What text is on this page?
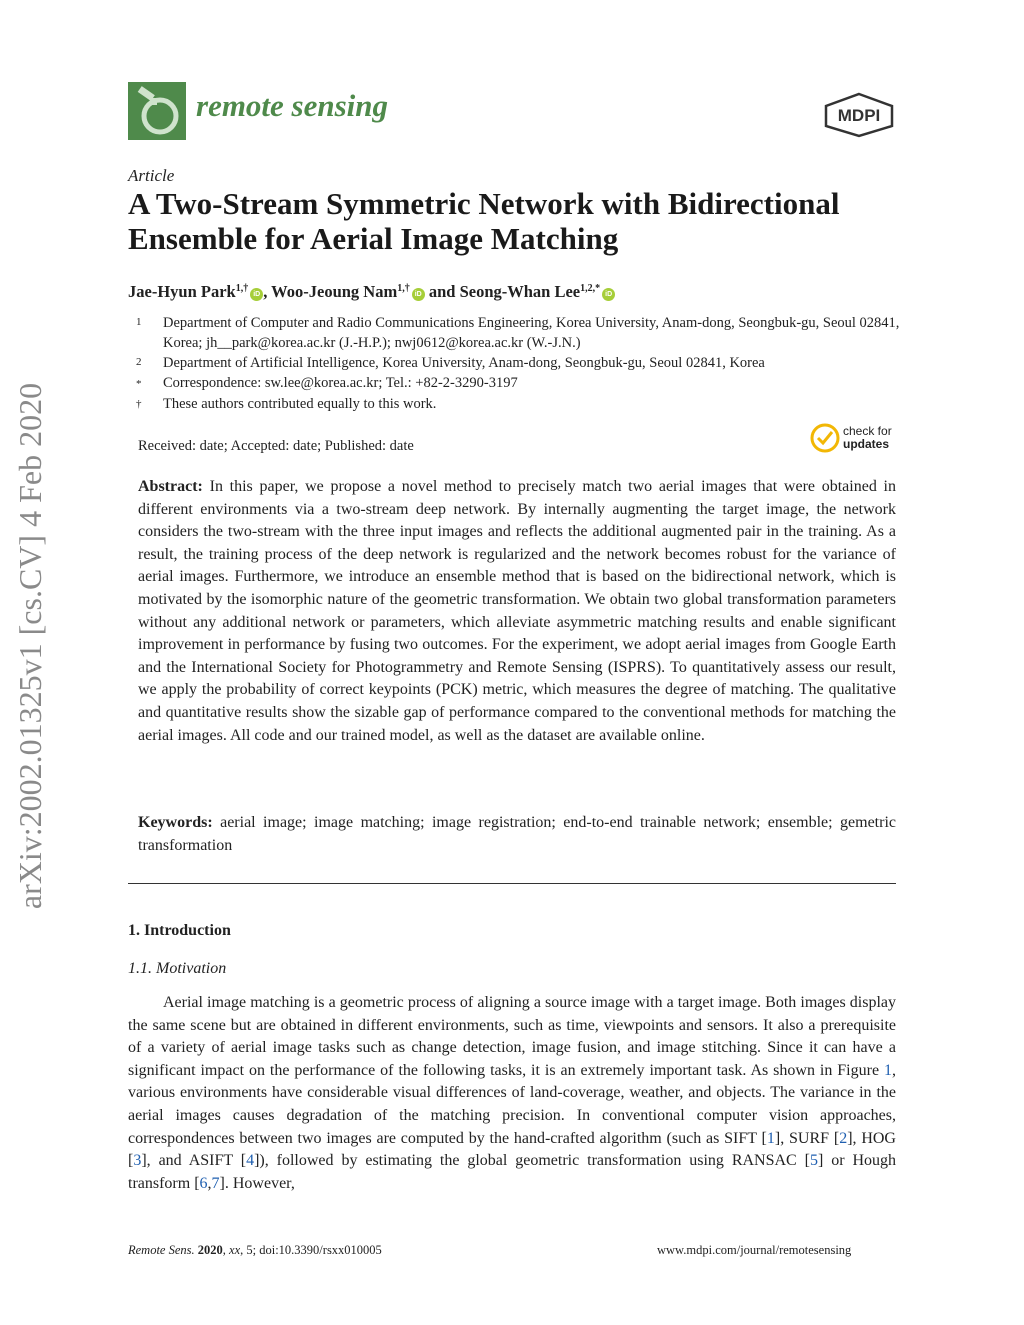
arXiv:2002.01325v1 [cs.CV] 4 Feb 2020
remote sensing	MDPI
Article
A Two-Stream Symmetric Network with Bidirectional Ensemble for Aerial Image Matching
Jae-Hyun Park$^{1,\dagger}$iD , Woo-Jeoung Nam$^{1,\dagger}$iD and Seong-Whan Lee$^{1,2,*}$iD
1	Department of Computer and Radio Communications Engineering, Korea University, Anam-dong, Seongbuk-gu, Seoul 02841, Korea; jh__park@korea.ac.kr (J.-H.P.); nwj0612@korea.ac.kr (W.-J.N.)
2	Department of Artificial Intelligence, Korea University, Anam-dong, Seongbuk-gu, Seoul 02841, Korea
*	Correspondence: sw.lee@korea.ac.kr; Tel.: +82-2-3290-3197
†	These authors contributed equally to this work.
Received: date; Accepted: date; Published: date
check for
updates
Abstract: In this paper, we propose a novel method to precisely match two aerial images that were obtained in different environments via a two-stream deep network. By internally augmenting the target image, the network considers the two-stream with the three input images and reflects the additional augmented pair in the training. As a result, the training process of the deep network is regularized and the network becomes robust for the variance of aerial images. Furthermore, we introduce an ensemble method that is based on the bidirectional network, which is motivated by the isomorphic nature of the geometric transformation. We obtain two global transformation parameters without any additional network or parameters, which alleviate asymmetric matching results and enable significant improvement in performance by fusing two outcomes. For the experiment, we adopt aerial images from Google Earth and the International Society for Photogrammetry and Remote Sensing (ISPRS). To quantitatively assess our result, we apply the probability of correct keypoints (PCK) metric, which measures the degree of matching. The qualitative and quantitative results show the sizable gap of performance compared to the conventional methods for matching the aerial images. All code and our trained model, as well as the dataset are available online.
Keywords: aerial image; image matching; image registration; end-to-end trainable network; ensemble; gemetric transformation
1. Introduction
1.1. Motivation
Aerial image matching is a geometric process of aligning a source image with a target image. Both images display the same scene but are obtained in different environments, such as time, viewpoints and sensors. It also a prerequisite of a variety of aerial image tasks such as change detection, image fusion, and image stitching. Since it can have a significant impact on the performance of the following tasks, it is an extremely important task. As shown in Figure 1, various environments have considerable visual differences of land-coverage, weather, and objects. The variance in the aerial images causes degradation of the matching precision. In conventional computer vision approaches, correspondences between two images are computed by the hand-crafted algorithm (such as SIFT [1], SURF [2], HOG [3], and ASIFT [4]), followed by estimating the global geometric transformation using RANSAC [5] or Hough transform [6,7]. However,
Remote Sens. 2020, xx, 5; doi:10.3390/rsxx010005	www.mdpi.com/journal/remotesensing
